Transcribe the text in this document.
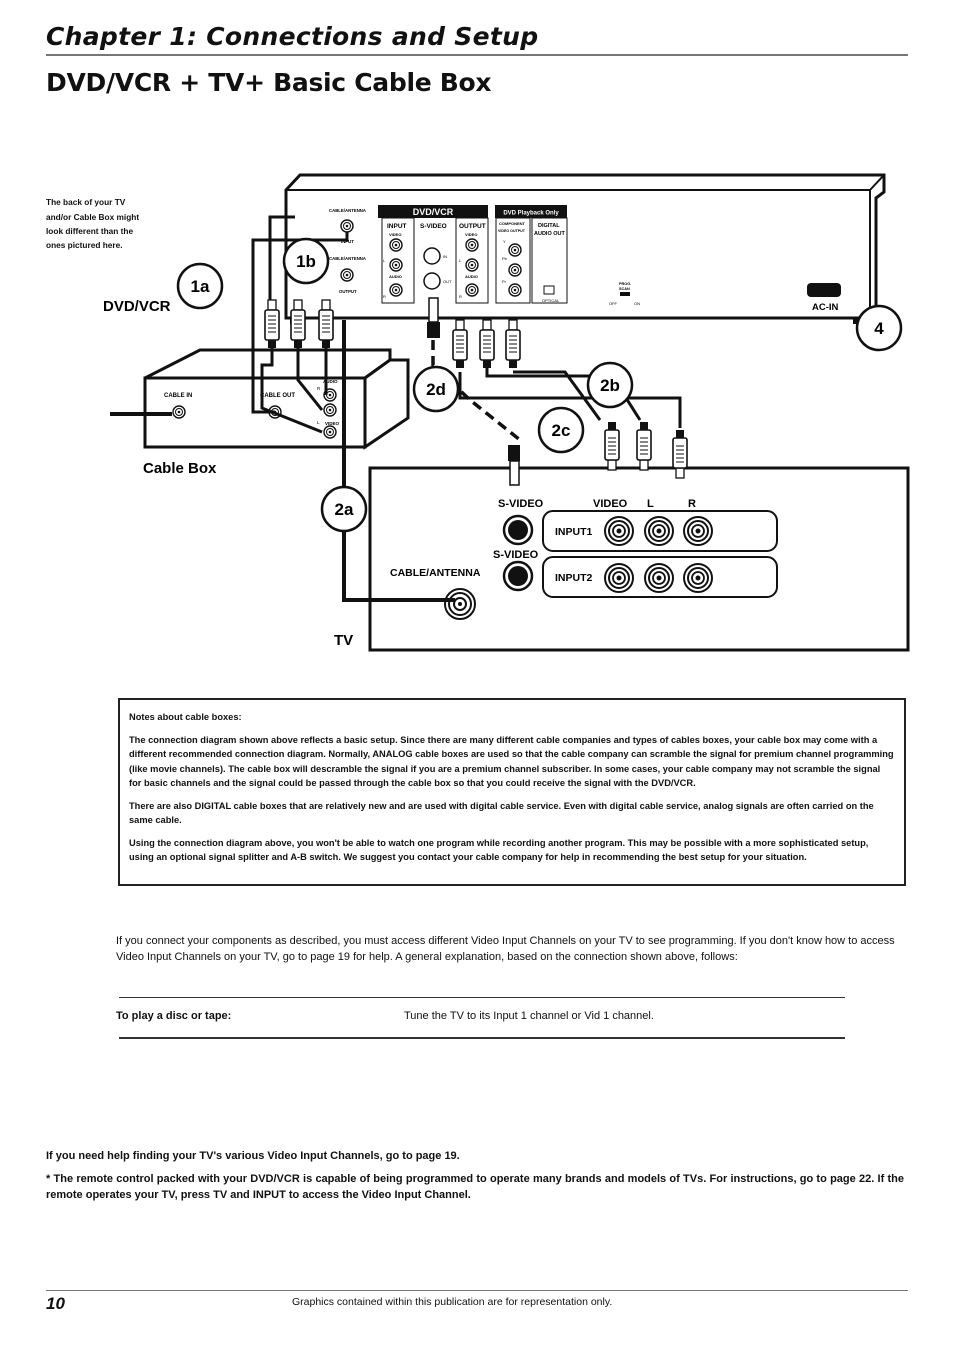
Chapter 1: Connections and Setup
DVD/VCR + TV+ Basic Cable Box
The back of your TV
and/or Cable Box might
look different than the
ones pictured here.
CABLE/ANTENNA
INPUT
CABLE/ANTENNA
OUTPUT
DVD/VCR	DVD Playback Only
INPUT
VIDEO
AUDIO
L
R
S-VIDEO
IN
OUT
OUTPUT
VIDEO
AUDIO
L
R
COMPONENT
VIDEO OUTPUT
Y
Pb
Pr
DIGITAL
AUDIO OUT
OPTICAL
PROG.
SCAN
OFF	ON	AC-IN
CABLE IN	CABLE OUT
AUDIO
R
L VIDEO
S-VIDEO	VIDEO L	R
INPUT1
S-VIDEO
CABLE/ANTENNA	INPUT2
DVD/VCR
Cable Box
TV
1a
1b
2a
2b
2c
2d
4

Notes about cable boxes:

The connection diagram shown above reflects a basic setup. Since there are many different cable companies and types of cables boxes, your cable box may come with a different recommended connection diagram. Normally, ANALOG cable boxes are used so that the cable company can scramble the signal for premium channel programming (like movie channels). The cable box will descramble the signal if you are a premium channel subscriber. In some cases, your cable company may not scramble the signal for basic channels and the signal could be passed through the cable box so that you could receive the signal with the DVD/VCR.

There are also DIGITAL cable boxes that are relatively new and are used with digital cable service. Even with digital cable service, analog signals are often carried on the same cable.

Using the connection diagram above, you won't be able to watch one program while recording another program. This may be possible with a more sophisticated setup, using an optional signal splitter and A-B switch. We suggest you contact your cable company for help in recommending the best setup for your situation.

If you connect your components as described, you must access different Video Input Channels on your TV to see programming. If you don't know how to access Video Input Channels on your TV, go to page 19 for help. A general explanation, based on the connection shown above, follows:
To play a disc or tape:	Tune the TV to its Input 1 channel or Vid 1 channel.
If you need help finding your TV's various Video Input Channels, go to page 19.
* The remote control packed with your DVD/VCR is capable of being programmed to operate many brands and models of TVs. For instructions, go to page 22. If the remote operates your TV, press TV and INPUT to access the Video Input Channel.
10	Graphics contained within this publication are for representation only.
